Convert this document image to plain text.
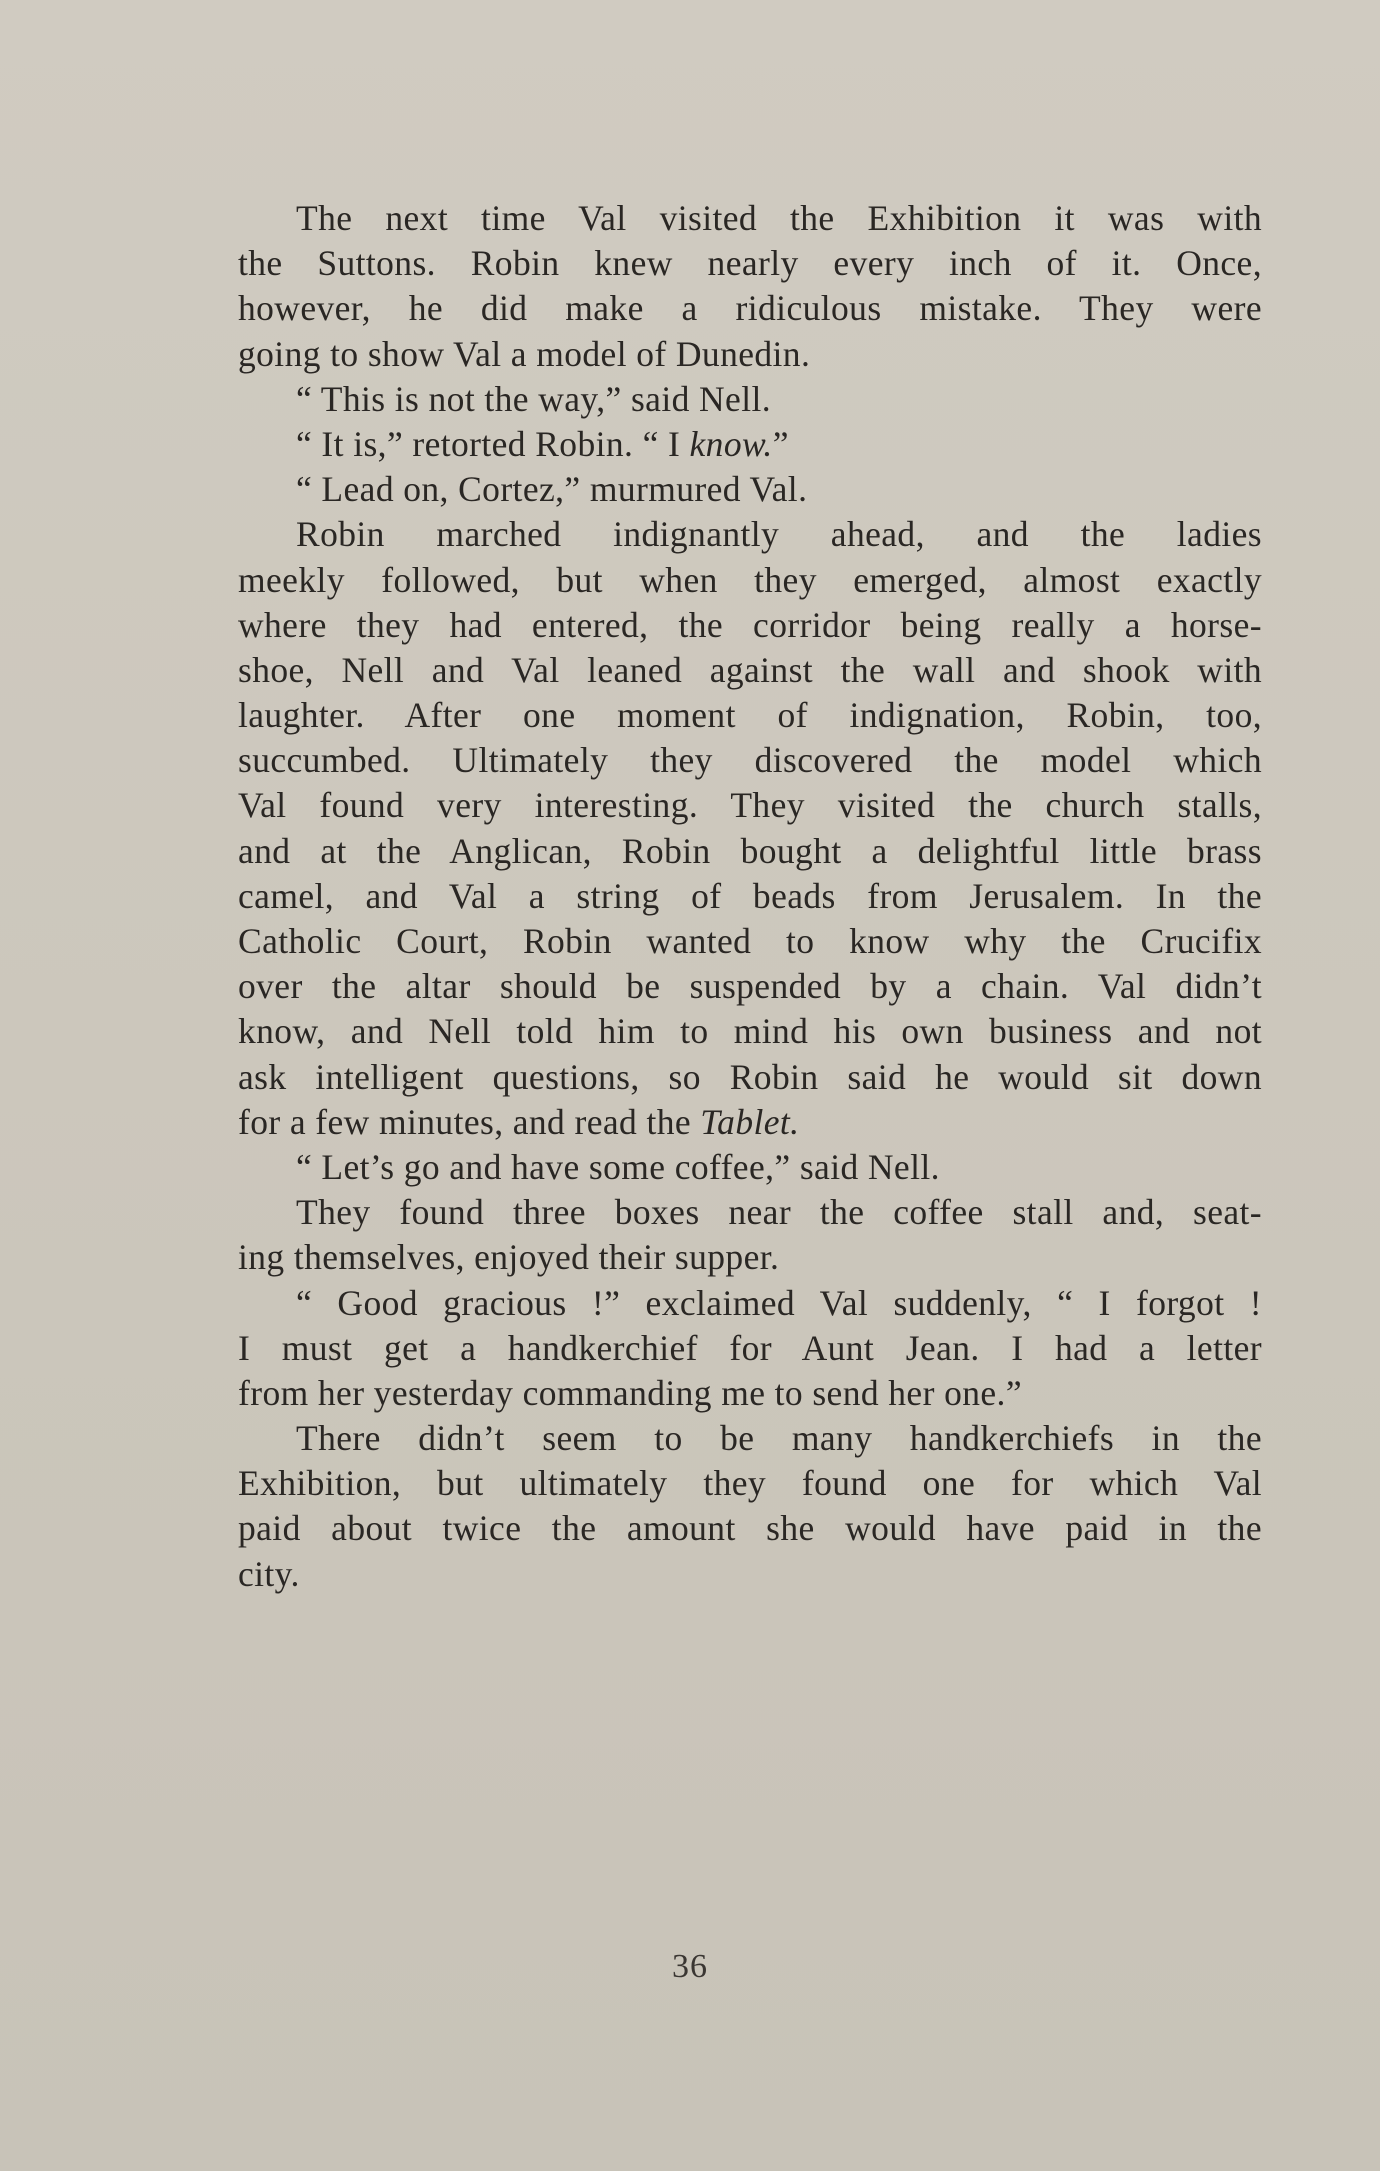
The next time Val visited the Exhibition it was with
the Suttons. Robin knew nearly every inch of it. Once,
however, he did make a ridiculous mistake. They were
going to show Val a model of Dunedin.
“ This is not the way,” said Nell.
“ It is,” retorted Robin. “ I know.”
“ Lead on, Cortez,” murmured Val.
Robin marched indignantly ahead, and the ladies
meekly followed, but when they emerged, almost exactly
where they had entered, the corridor being really a horse-
shoe, Nell and Val leaned against the wall and shook with
laughter. After one moment of indignation, Robin, too,
succumbed. Ultimately they discovered the model which
Val found very interesting. They visited the church stalls,
and at the Anglican, Robin bought a delightful little brass
camel, and Val a string of beads from Jerusalem. In the
Catholic Court, Robin wanted to know why the Crucifix
over the altar should be suspended by a chain. Val didn’t
know, and Nell told him to mind his own business and not
ask intelligent questions, so Robin said he would sit down
for a few minutes, and read the Tablet.
“ Let’s go and have some coffee,” said Nell.
They found three boxes near the coffee stall and, seat-
ing themselves, enjoyed their supper.
“ Good gracious !” exclaimed Val suddenly, “ I forgot !
I must get a handkerchief for Aunt Jean. I had a letter
from her yesterday commanding me to send her one.”
There didn’t seem to be many handkerchiefs in the
Exhibition, but ultimately they found one for which Val
paid about twice the amount she would have paid in the
city.
36
